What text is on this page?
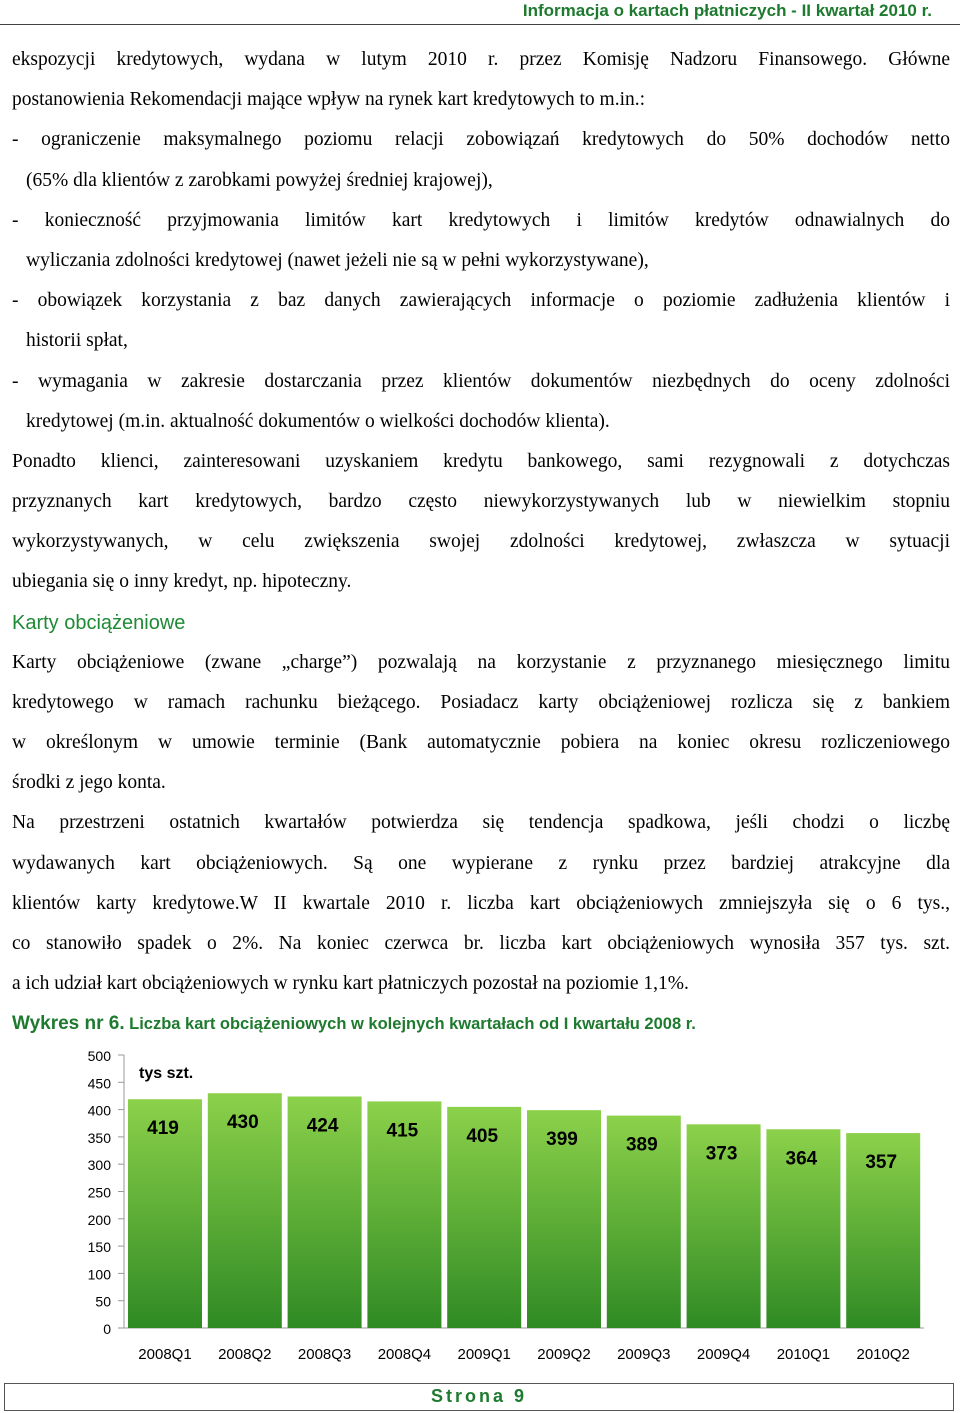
Informacja o kartach płatniczych - II kwartał 2010 r.
ekspozycji kredytowych, wydana w lutym 2010 r. przez Komisję Nadzoru Finansowego. Główne
postanowienia Rekomendacji mające wpływ na rynek kart kredytowych to m.in.:
- ograniczenie maksymalnego poziomu relacji zobowiązań kredytowych do 50% dochodów netto
(65% dla klientów z zarobkami powyżej średniej krajowej),
- konieczność przyjmowania limitów kart kredytowych i limitów kredytów odnawialnych do
wyliczania zdolności kredytowej (nawet jeżeli nie są w pełni wykorzystywane),
- obowiązek korzystania z baz danych zawierających informacje o poziomie zadłużenia klientów i
historii spłat,
- wymagania w zakresie dostarczania przez klientów dokumentów niezbędnych do oceny zdolności
kredytowej (m.in. aktualność dokumentów o wielkości dochodów klienta).
Ponadto klienci, zainteresowani uzyskaniem kredytu bankowego, sami rezygnowali z dotychczas
przyznanych kart kredytowych, bardzo często niewykorzystywanych lub w niewielkim stopniu
wykorzystywanych, w celu zwiększenia swojej zdolności kredytowej, zwłaszcza w sytuacji
ubiegania się o inny kredyt, np. hipoteczny.
Karty obciążeniowe
Karty obciążeniowe (zwane „charge”) pozwalają na korzystanie z przyznanego miesięcznego limitu
kredytowego w ramach rachunku bieżącego. Posiadacz karty obciążeniowej rozlicza się z bankiem
w określonym w umowie terminie (Bank automatycznie pobiera na koniec okresu rozliczeniowego
środki z jego konta.
Na przestrzeni ostatnich kwartałów potwierdza się tendencja spadkowa, jeśli chodzi o liczbę
wydawanych kart obciążeniowych. Są one wypierane z rynku przez bardziej atrakcyjne dla
klientów karty kredytowe.W II kwartale 2010 r. liczba kart obciążeniowych zmniejszyła się o 6 tys.,
co stanowiło spadek o 2%. Na koniec czerwca br. liczba kart obciążeniowych wynosiła 357 tys. szt.
a ich udział kart obciążeniowych w rynku kart płatniczych pozostał na poziomie 1,1%.
Wykres nr 6. Liczba kart obciążeniowych w kolejnych kwartałach od I kwartału 2008 r.
0
50
100
150
200
250
300
350
400
450
500
419	430	424	415	405	399	389	373	364	357
2008Q1 2008Q2 2008Q3 2008Q4 2009Q1 2009Q2 2009Q3 2009Q4 2010Q1 2010Q2
tys szt.
Strona 9
